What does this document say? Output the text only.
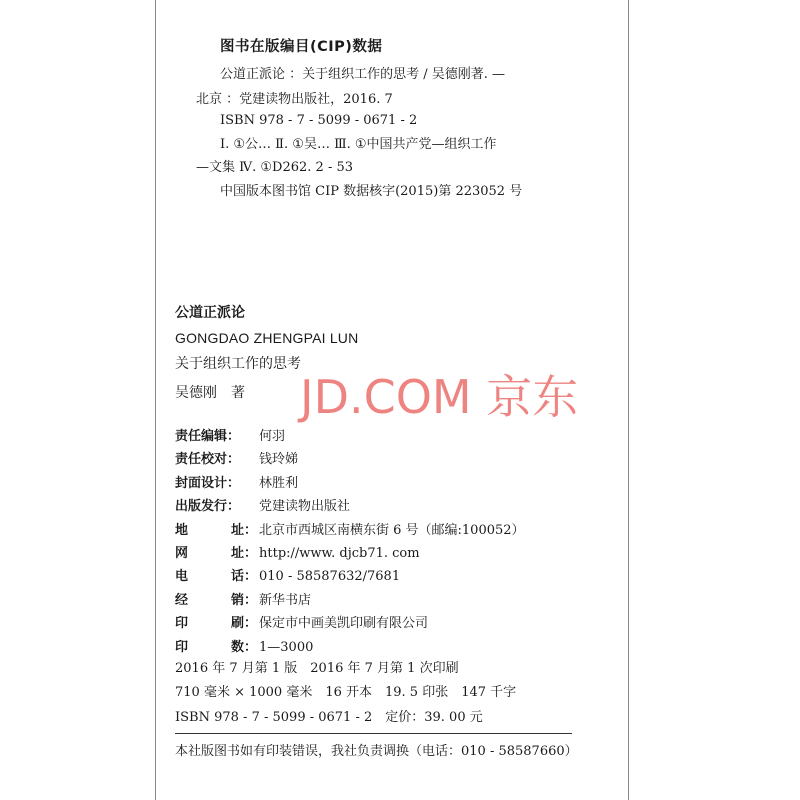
图书在版编目(CIP)数据
公道正派论 ：关于组织工作的思考 / 吴德刚著. —
北京 ：党建读物出版社，2016. 7
ISBN 978 - 7 - 5099 - 0671 - 2
Ⅰ. ①公… Ⅱ. ①吴… Ⅲ. ①中国共产党—组织工作
—文集 Ⅳ. ①D262. 2 - 53
中国版本图书馆 CIP 数据核字(2015)第 223052 号
公道正派论
GONGDAO ZHENGPAI LUN
关于组织工作的思考
吴德刚　著 JD.COM 京东
责任编辑： 何羽
责任校对： 钱玲娣
封面设计： 林胜利
出版发行： 党建读物出版社
地	址： 北京市西城区南横东街 6 号（邮编:100052）
网	址： http://www. djcb71. com
电	话： 010 - 58587632/7681
经	销： 新华书店
印	刷： 保定市中画美凯印刷有限公司
印	数： 1—3000
2016 年 7 月第 1 版　2016 年 7 月第 1 次印刷
710 毫米 × 1000 毫米　16 开本　19. 5 印张　147 千字
ISBN 978 - 7 - 5099 - 0671 - 2　定价：39. 00 元
本社版图书如有印装错误，我社负责调换（电话：010 - 58587660）
